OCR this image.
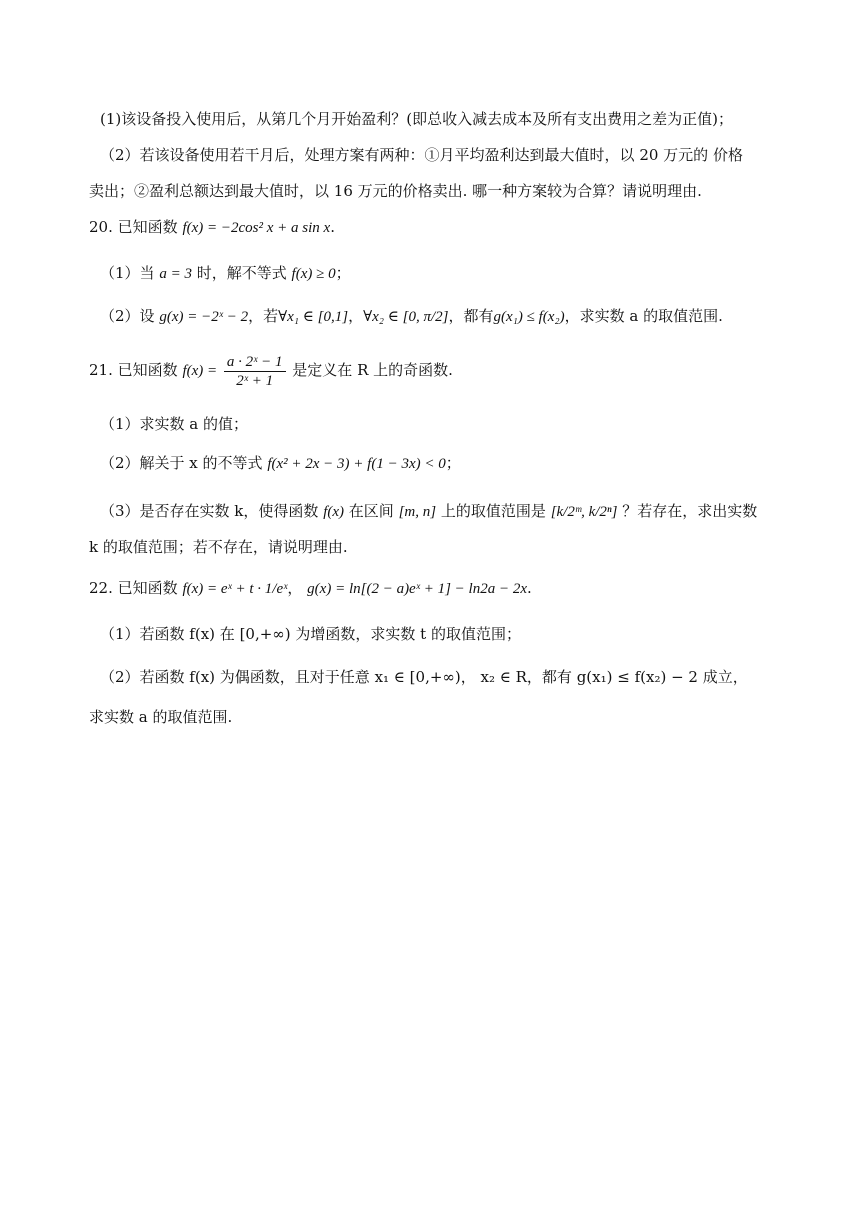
(1)该设备投入使用后，从第几个月开始盈利？(即总收入减去成本及所有支出费用之差为正值)；
（2）若该设备使用若干月后，处理方案有两种：①月平均盈利达到最大值时，以 20 万元的 价格
卖出；②盈利总额达到最大值时，以 16 万元的价格卖出. 哪一种方案较为合算？请说明理由.
20. 已知函数 f(x) = −2cos² x + a sin x.
（1）当 a = 3 时，解不等式 f(x) ≥ 0；
（2）设 g(x) = −2ˣ − 2，若∀x₁ ∈ [0,1]，∀x₂ ∈ [0, π/2]，都有g(x₁) ≤ f(x₂)，求实数 a 的取值范围.
21. 已知函数 $f(x) = \frac{\text{a · 2ˣ − 1}}{\text{2ˣ + 1}}$ 是定义在 R 上的奇函数.
（1）求实数 a 的值；
（2）解关于 x 的不等式 f(x² + 2x − 3) + f(1 − 3x) < 0；
（3）是否存在实数 k，使得函数 f(x) 在区间 [m, n] 上的取值范围是 [k/2ᵐ, k/2ⁿ] ？若存在，求出实数
k 的取值范围；若不存在，请说明理由.
22. 已知函数 f(x) = eˣ + t · 1/eˣ， g(x) = ln[(2 − a)eˣ + 1] − ln2a − 2x.
（1）若函数 f(x) 在 [0,+∞) 为增函数，求实数 t 的取值范围；
（2）若函数 f(x) 为偶函数，且对于任意 x₁ ∈ [0,+∞)， x₂ ∈ R，都有 g(x₁) ≤ f(x₂) − 2 成立，
求实数 a 的取值范围.
